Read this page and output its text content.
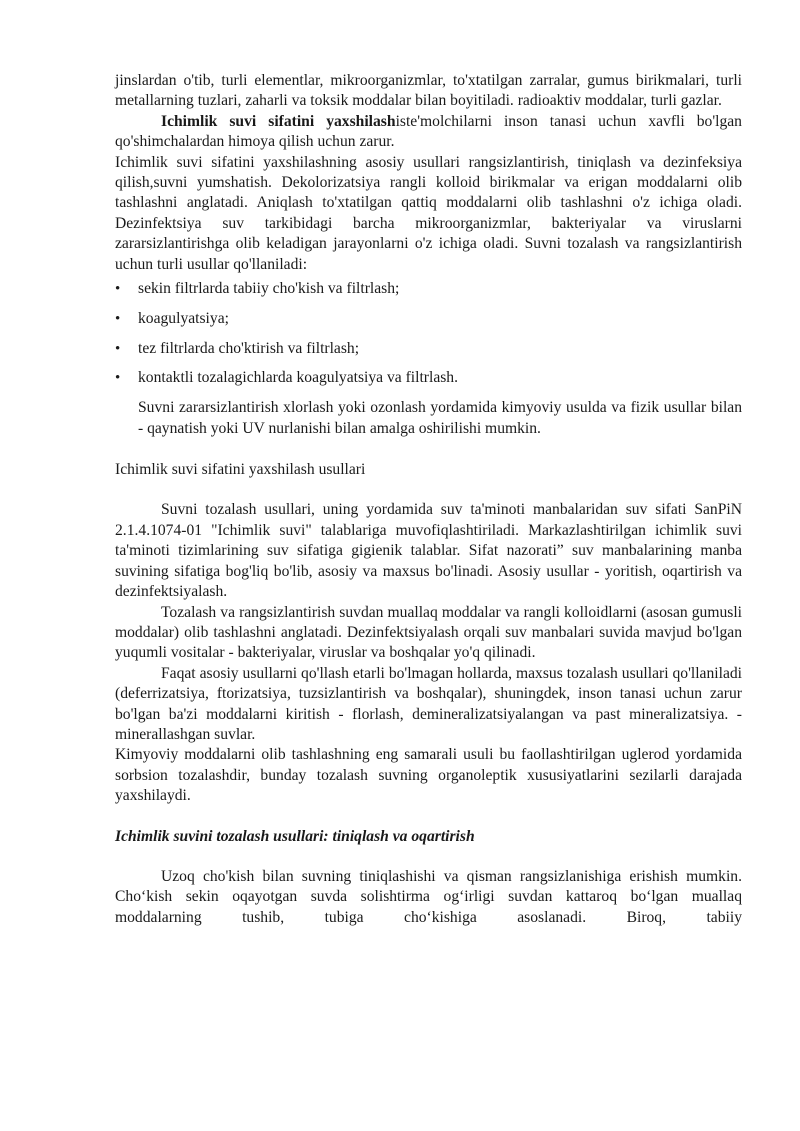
jinslardan o'tib, turli elementlar, mikroorganizmlar, to'xtatilgan zarralar, gumus birikmalari, turli metallarning tuzlari, zaharli va toksik moddalar bilan boyitiladi. radioaktiv moddalar, turli gazlar.

Ichimlik suvi sifatini yaxshilashiste'molchilarni inson tanasi uchun xavfli bo'lgan qo'shimchalardan himoya qilish uchun zarur.

Ichimlik suvi sifatini yaxshilashning asosiy usullari rangsizlantirish, tiniqlash va dezinfeksiya qilish,suvni yumshatish. Dekolorizatsiya rangli kolloid birikmalar va erigan moddalarni olib tashlashni anglatadi. Aniqlash to'xtatilgan qattiq moddalarni olib tashlashni o'z ichiga oladi. Dezinfektsiya suv tarkibidagi barcha mikroorganizmlar, bakteriyalar va viruslarni zararsizlantirishga olib keladigan jarayonlarni o'z ichiga oladi. Suvni tozalash va rangsizlantirish uchun turli usullar qo'llaniladi:

• sekin filtrlarda tabiiy cho'kish va filtrlash;
• koagulyatsiya;
• tez filtrlarda cho'ktirish va filtrlash;
• kontaktli tozalagichlarda koagulyatsiya va filtrlash.

Suvni zararsizlantirish xlorlash yoki ozonlash yordamida kimyoviy usulda va fizik usullar bilan - qaynatish yoki UV nurlanishi bilan amalga oshirilishi mumkin.

Ichimlik suvi sifatini yaxshilash usullari

Suvni tozalash usullari, uning yordamida suv ta'minoti manbalaridan suv sifati SanPiN 2.1.4.1074-01 "Ichimlik suvi" talablariga muvofiqlashtiriladi. Markazlashtirilgan ichimlik suvi ta'minoti tizimlarining suv sifatiga gigienik talablar. Sifat nazorati” suv manbalarining manba suvining sifatiga bog'liq bo'lib, asosiy va maxsus bo'linadi. Asosiy usullar - yoritish, oqartirish va dezinfektsiyalash.

Tozalash va rangsizlantirish suvdan muallaq moddalar va rangli kolloidlarni (asosan gumusli moddalar) olib tashlashni anglatadi. Dezinfektsiyalash orqali suv manbalari suvida mavjud bo'lgan yuqumli vositalar - bakteriyalar, viruslar va boshqalar yo'q qilinadi.

Faqat asosiy usullarni qo'llash etarli bo'lmagan hollarda, maxsus tozalash usullari qo'llaniladi (deferrizatsiya, ftorizatsiya, tuzsizlantirish va boshqalar), shuningdek, inson tanasi uchun zarur bo'lgan ba'zi moddalarni kiritish - florlash, demineralizatsiyalangan va past mineralizatsiya. - minerallashgan suvlar.

Kimyoviy moddalarni olib tashlashning eng samarali usuli bu faollashtirilgan uglerod yordamida sorbsion tozalashdir, bunday tozalash suvning organoleptik xususiyatlarini sezilarli darajada yaxshilaydi.

Ichimlik suvini tozalash usullari: tiniqlash va oqartirish

Uzoq cho'kish bilan suvning tiniqlashishi va qisman rangsizlanishiga erishish mumkin. Cho‘kish sekin oqayotgan suvda solishtirma og‘irligi suvdan kattaroq bo‘lgan muallaq moddalarning tushib, tubiga cho‘kishiga asoslanadi. Biroq, tabiiy
